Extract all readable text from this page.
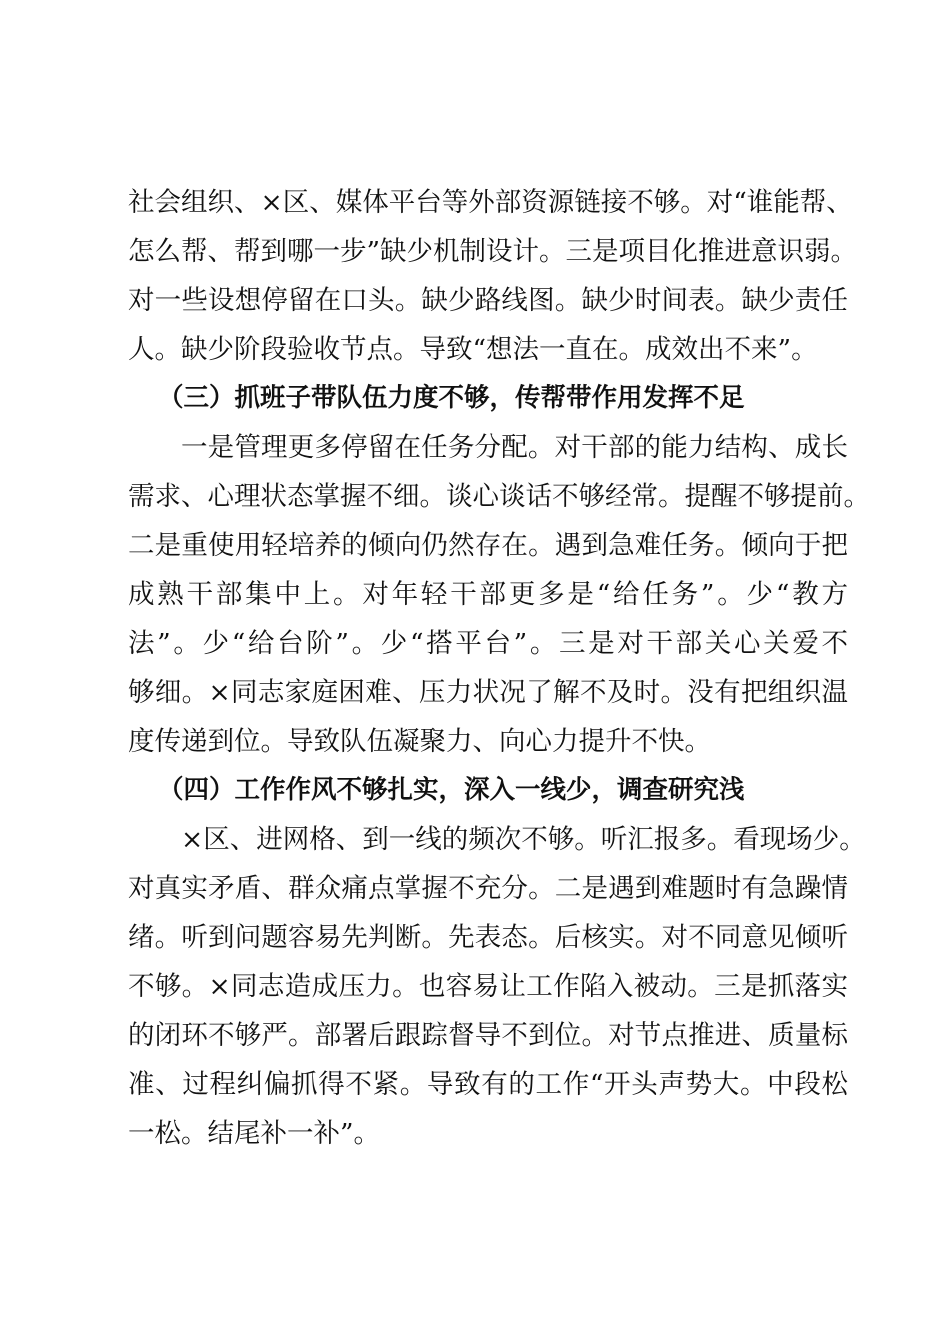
社会组织、×区、媒体平台等外部资源链接不够。对“谁能帮、
怎么帮、帮到哪一步”缺少机制设计。三是项目化推进意识弱。
对一些设想停留在口头。缺少路线图。缺少时间表。缺少责任
人。缺少阶段验收节点。导致“想法一直在。成效出不来”。
（三）抓班子带队伍力度不够，传帮带作用发挥不足
一是管理更多停留在任务分配。对干部的能力结构、成长
需求、心理状态掌握不细。谈心谈话不够经常。提醒不够提前。
二是重使用轻培养的倾向仍然存在。遇到急难任务。倾向于把
成熟干部集中上。对年轻干部更多是“给任务”。少“教方
法”。少“给台阶”。少“搭平台”。三是对干部关心关爱不
够细。×同志家庭困难、压力状况了解不及时。没有把组织温
度传递到位。导致队伍凝聚力、向心力提升不快。
（四）工作作风不够扎实，深入一线少，调查研究浅
×区、进网格、到一线的频次不够。听汇报多。看现场少。
对真实矛盾、群众痛点掌握不充分。二是遇到难题时有急躁情
绪。听到问题容易先判断。先表态。后核实。对不同意见倾听
不够。×同志造成压力。也容易让工作陷入被动。三是抓落实
的闭环不够严。部署后跟踪督导不到位。对节点推进、质量标
准、过程纠偏抓得不紧。导致有的工作“开头声势大。中段松
一松。结尾补一补”。
